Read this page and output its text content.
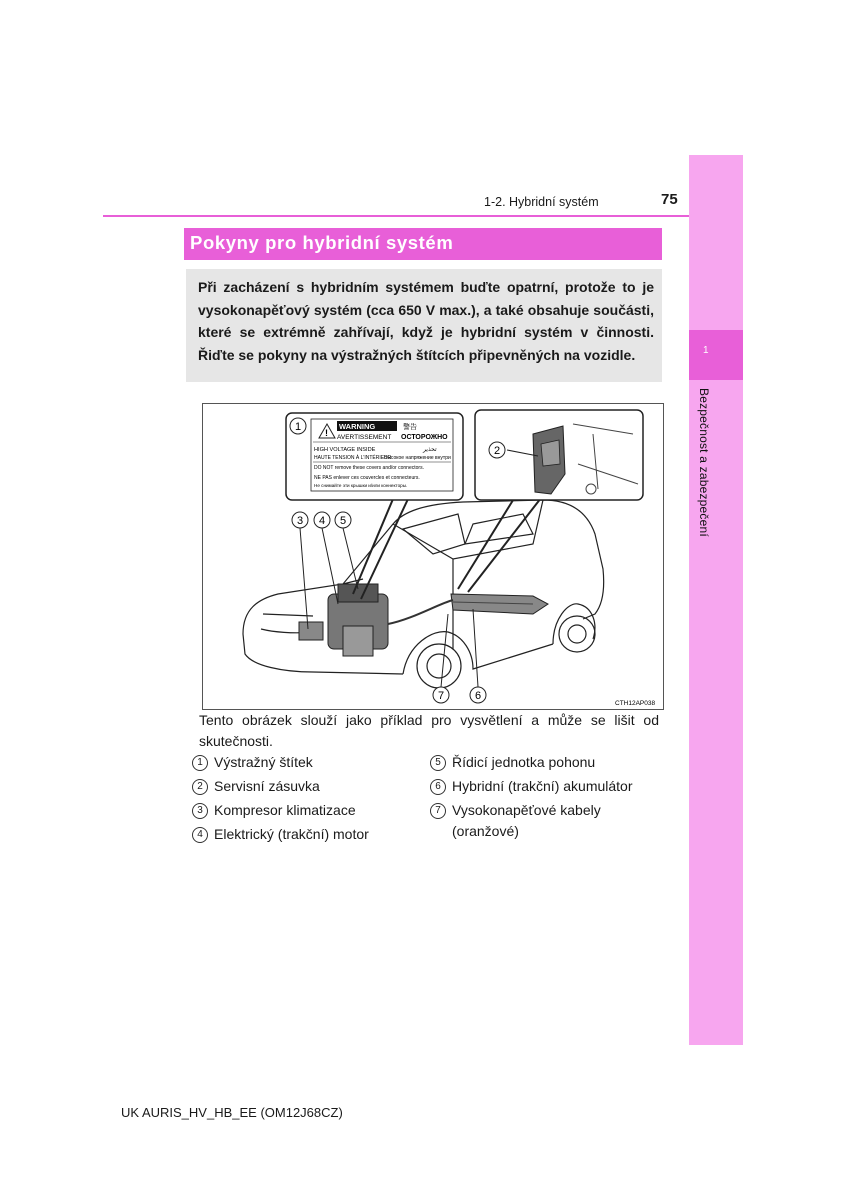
1
Bezpečnost a zabezpečení
1-2. Hybridní systém	75
Pokyny pro hybridní systém
Při zacházení s hybridním systémem buďte opatrní, protože to je vysokonapěťový systém (cca 650 V max.), a také obsahuje součásti, které se extrémně zahřívají, když je hybridní systém v činnosti. Řiďte se pokyny na výstražných štítcích připevněných na vozidle.
!
WARNING	警告
AVERTISSEMENT ОСТОРОЖНО
HIGH VOLTAGE INSIDE	تحذير
HAUTE TENSION À L'INTÉRIEUR
Высокое напряжение внутри
DO NOT remove these covers and/or connectors.
NE PAS enlever ces couvercles et connecteurs.
Не снимайте эти крышки и/или коннекторы.
1
2
3 4 5
6
7
CTH12AP038
Tento obrázek slouží jako příklad pro vysvětlení a může se lišit od skutečnosti.
1 Výstražný štítek
2 Servisní zásuvka
3 Kompresor klimatizace
4 Elektrický (trakční) motor
5 Řídicí jednotka pohonu
6 Hybridní (trakční) akumulátor
7 Vysokonapěťové kabely
(oranžové)
UK AURIS_HV_HB_EE (OM12J68CZ)
